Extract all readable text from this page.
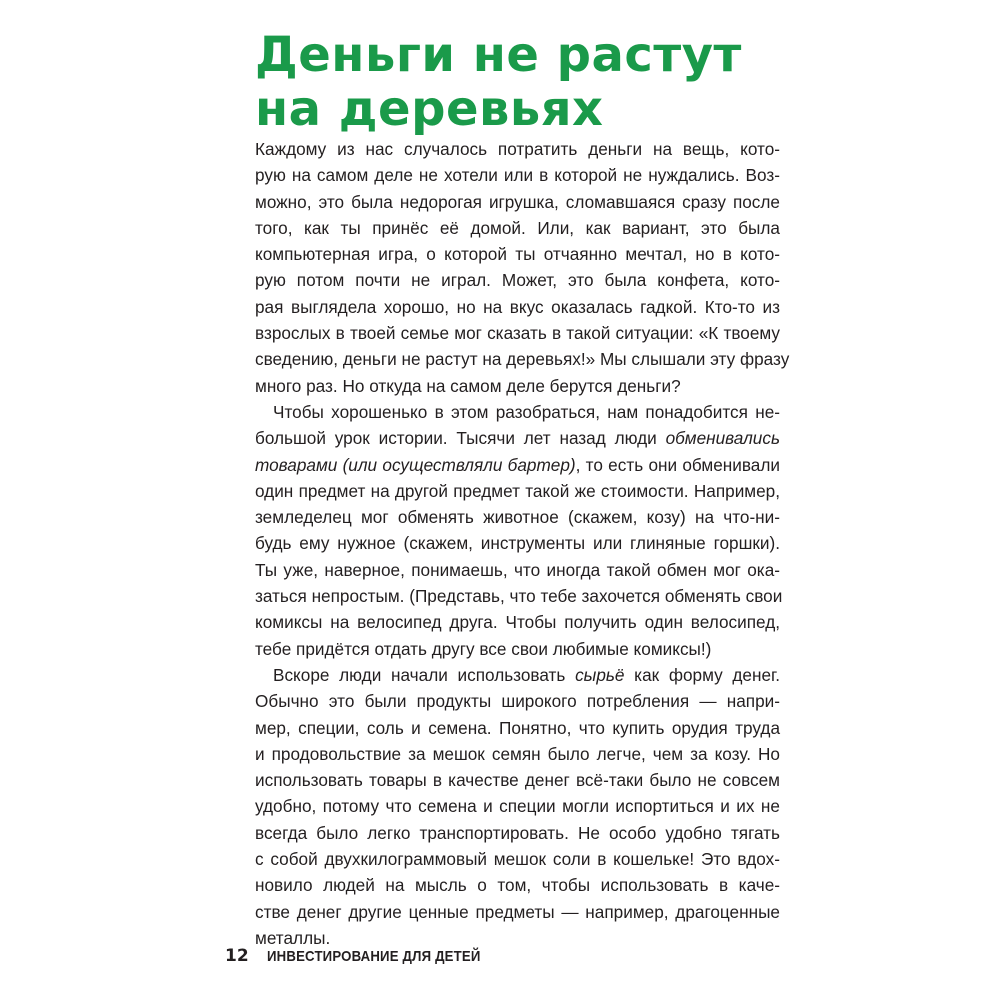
Деньги не растут
на деревьях
Каждому из нас случалось потратить деньги на вещь, кото-
рую на самом деле не хотели или в которой не нуждались. Воз-
можно, это была недорогая игрушка, сломавшаяся сразу после
того, как ты принёс её домой. Или, как вариант, это была
компьютерная игра, о которой ты отчаянно мечтал, но в кото-
рую потом почти не играл. Может, это была конфета, кото-
рая выглядела хорошо, но на вкус оказалась гадкой. Кто-то из
взрослых в твоей семье мог сказать в такой ситуации: «К твоему
сведению, деньги не растут на деревьях!» Мы слышали эту фразу
много раз. Но откуда на самом деле берутся деньги?
Чтобы хорошенько в этом разобраться, нам понадобится не-
большой урок истории. Тысячи лет назад люди обменивались
товарами (или осуществляли бартер), то есть они обменивали
один предмет на другой предмет такой же стоимости. Например,
земледелец мог обменять животное (скажем, козу) на что-ни-
будь ему нужное (скажем, инструменты или глиняные горшки).
Ты уже, наверное, понимаешь, что иногда такой обмен мог ока-
заться непростым. (Представь, что тебе захочется обменять свои
комиксы на велосипед друга. Чтобы получить один велосипед,
тебе придётся отдать другу все свои любимые комиксы!)
Вскоре люди начали использовать сырьё как форму денег.
Обычно это были продукты широкого потребления — напри-
мер, специи, соль и семена. Понятно, что купить орудия труда
и продовольствие за мешок семян было легче, чем за козу. Но
использовать товары в качестве денег всё-таки было не совсем
удобно, потому что семена и специи могли испортиться и их не
всегда было легко транспортировать. Не особо удобно тягать
с собой двухкилограммовый мешок соли в кошельке! Это вдох-
новило людей на мысль о том, чтобы использовать в каче-
стве денег другие ценные предметы — например, драгоценные
металлы.
12 ИНВЕСТИРОВАНИЕ ДЛЯ ДЕТЕЙ
